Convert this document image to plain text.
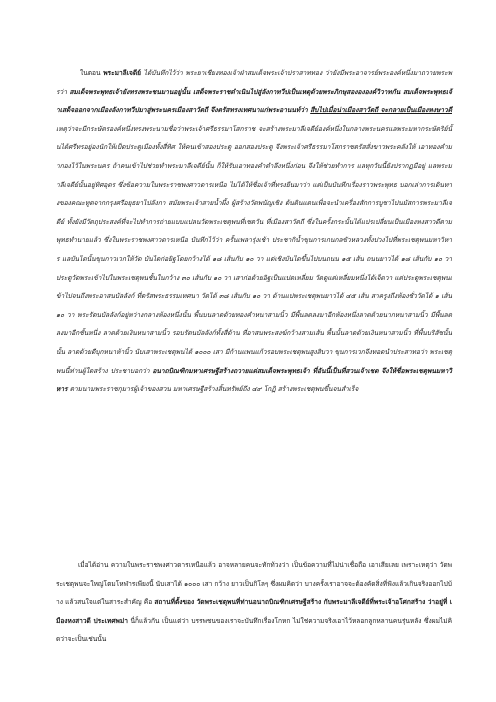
ในตอน พระมาลีเจดีย์ ได้บันทึกไว้ว่า พระยาเชียงทองเจ้าฝ่าสมเด็จพระเจ้าปราสาททอง ว่ายังมีพระอาจารย์พระองค์หนึ่งมาถวายพระพรว่า สมเด็จพระพุทธเจ้ายังทรงพระชนมานอยู่นั้น เสด็จพระราชดำเนินไปสู่ลังกาทวีปเป็นเหตุด้วยพระภิกษุสองององค์วิวาทกัน สมเด็จพระพุทธเจ้าเสด็จออกจากเมืองลังกาทวีปมาสู่พระนครเมืองสาวัตถี จึงตรัสทรงเทศนาแก่พระอานนท์ว่า สืบไปเมื่อน่าเมืองสาวัตถี จะกลายเป็นเมืองหงษาวดี เหตุว่าจะมีกระษัตรองค์หนึ่งทรงพระนามชื่อว่าพระเจ้าศรีธรรมาโสกราช จะสร้างพระมาลีเจดีย์องค์หนึ่งในกลางพระนครแลพระมหากระษัตริย์นั้นได้ศรีทรอยู่องนักให้เป็ดประตูเมืองทั้งสี่ทิศ ให้คนเข้าสองประตู ออกสองประตู จึงพระเจ้าศรีธรรมาโสกราชตรัสสั่งขาวพระคลังให้ เอาทองคำมากองไว้ในพระนคร ถ้าคนเข้าไปช่วยทำพระมาลีเจดีย์นั้น ก็ให้รับเอาทองคำตำลึงหนึ่งก่อน จึงให้ช่วยทำการ แลทุกวันนี้ยังปรากฏมีอยู่ แลพระมาลีเจดีย์นั้นอยู่ทิศอุดร ซึ่งข้อความในพระราชพงศาวดารเหนือ ไม่ได้ให้ชื่อเจ้าที่ทรงยืนมาว่า แต่เป็นบันทึกเรื่องราวพระพุทธ บอกเล่าการเดินทางของคณะทูตจากกรุงศรีอยุธยาไปลังกา สมัยพระเจ้าสายน้ำผึ้ง ผู้สร้างวัดพนัญเชิง ต้นดินแดนเพื่อจะนำเครื่องสักการบูชาไปนมัสการพระมาลีเจดีย์ ทั้งยังมีวัตถุประสงค์ที่จะไปทำการถ่ายแบบแปลนวัดพระเชตุพนที่เชตวัน ที่เมืองสาวัตถี ซึ่งในครั้งกระนั้นได้แปรเปลี่ยนเป็นเมืองหงสาวดีตามพุทธทำนายแล้ว ซึ่งในพระราชพงศาวดารเหนือ บันทึกไว้ว่า ครั้นเพลารุ่งเช้า ประชากิน้ำขุนการเกนกลขัวหลวงทั้งปวงไปที่พระเชตุพนมหาวิหาร แลบันไดนั้นขุนกาวเวกให้วัด บันไดก่อยิฐโดยกว้างได้ ๑๘ เส้นกับ ๑๐ วา แต่เชิงบันไดขึ้นไปบนถนน ๑๕ เส้น ถนนยาวได้ ๑๘ เส้นกับ ๑๐ วา ประตูวัดพระเข้าไปในพระเชตุพนชั้นในกว้าง ๓๐ เส้นกับ ๑๐ วา เสาก่อด้วยอิฐเป็นแปดเหลี่ยม วัดดูแต่เหลี่ยมหนึ่งได้เจ็ดวา แต่ประตูพระเชตุพนเข้าไปจนถึงพระอาสนบัลลังก์ ที่ตรัสพระธรรมเทศนา วัดได้ ๓๘ เส้นกับ ๑๐ วา ด้านแปพระเชตุพนยาวได้ ๔๕ เส้น สาครูงถึงห้องชั่ววัดได้ ๑ เส้น ๑๐ วา พระรัตนบัลลังก์อยู่หว่างกลางห้องหนึ่งนั้น พื้นบนลาดด้วยทองคำหนาสามนิ้ว มีพื้นลดลงมาอีกห้องหนึ่งลาดด้วยนากหนาสามนิ้ว มีพื้นลดลงมาอีกชั้นหนึ่ง ลาดด้วยเงินหนาสามนิ้ว รอบรัตนบัลลังก์ทั้งสี่ด้าน ที่อาสนพระสงฆ์กว้างสามเส้น พื้นนั้นลาดด้วยเงินหนาสามนิ้ว ที่พื้นบริสัชนั้นนั้น ลาดด้วยดีบุกหนาห้านิ้ว นับเสาพระเชตุพนได้ ๑๐๐๐ เสา มีก้านแพนแก้วรอบพระเชตุพนสูงสิบวา ขุนการเวกจึงทอดนำประสาทอว่า พระเชตุพนนี้ท่านผู้ใดสร้าง ประชาบอกว่า อนาถบิณฑิกมหาเศรษฐีสร้างถวายแด่สมเด็จพระพุทธเจ้า ที่อันนี้เป็นที่สวนเจ้าเชต จึงให้ชื่อพระเชตุพนมหาวิหาร ตามนามพระราชกุมารผู้เจ้าของสวน มหาเศรษฐีสร้างสิ้นทรัพย์ถึง ๔๙ โกฏิ สร้างพระเชตุพนขึ้นจนสำเร็จ

เมื่อได้อ่าน ความในพระราชพงศาวดารเหนือแล้ว อาจหลายคนจะทักท้วงว่า เป็นข้อความที่ไม่น่าเชื่อถือ เอาเสียเลย เพราะเหตุว่า วัดพระเชตุพนจะใหญ่โตมโหฬารเพียงนี้ นับเสาได้ ๑๐๐๐ เสา กว้าง ยาวเป็นกิโลๆ ซึ่งผมคิดว่า บางครั้งเราอาจจะต้องคัดสิ่งที่ฟังแล้วเกินจริงออกไปบ้าง แล้วสนใจแต่ในสาระสำคัญ คือ สถานที่ตั้งของ วัดพระเชตุพนที่ท่านอนาถบิณฑิกเศรษฐีสร้าง กับพระมาลีเจดีย์ที่พระเจ้าอโศกสร้าง ว่าอยู่ที่ เมืองหงสาวดี ประเทศพม่า นี่ก็แล้วกัน เป็นแต่ว่า บรรพชนของเราจะบันทึกเรื่องโกหก ไม่ใช่ความจริงเอาไว้หลอกลูกหลานคนรุ่นหลัง ซึ่งผมไม่คิดว่าจะเป็นเช่นนั้น
